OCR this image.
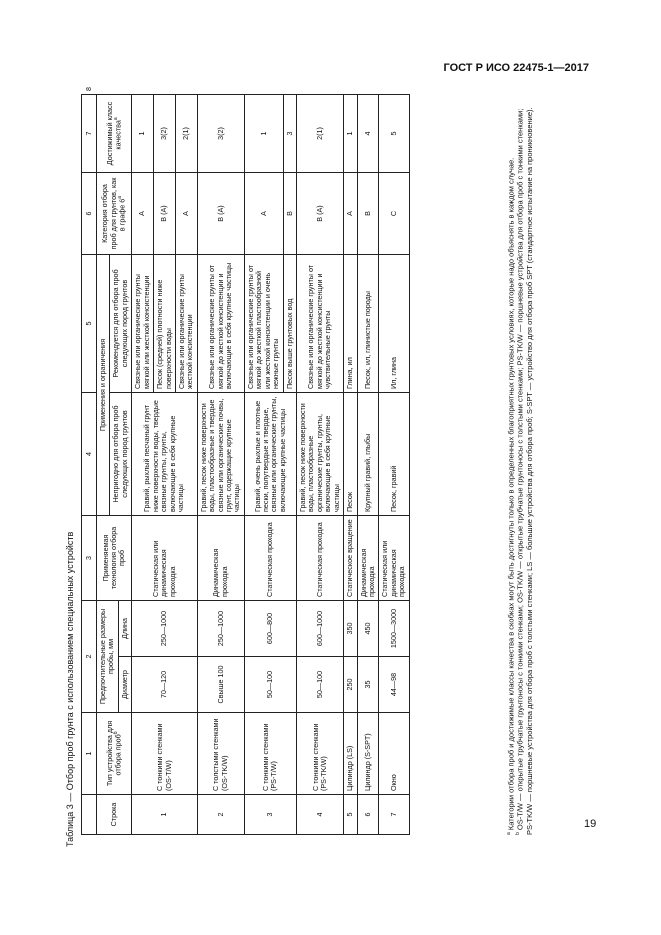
ГОСТ Р ИСО 22475-1—2017
Таблица 3 — Отбор проб грунта с использованием специальных устройств
	1	2		3	4	5	6	7	8
Строка	Тип устройства для отбора проб$^b$	Предпочтительные размеры пробы, мм		Применяемая технология отбора проб	Применения и ограничения		Категория отбора проб для грунтов, как в графе 6$^a$	Достижимый класс качества$^a$
					Непригодно для отбора проб следующих пород грунтов	Рекомендуется для отбора проб следующих пород грунтов			
		Диаметр	Длина						
1	С тонкими стенками (OS-T/W)	70—120	250—1000	Статическая или динамическая проходка	Гравий, рыхлый песчаный грунт ниже поверхности воды, твердые связные грунты, грунты, включающие в себя крупные частицы	Связные или органические грунты мягкой или жесткой консистенции	A	1	
						Песок (средней) плотности ниже поверхности воды	B (A)	3(2)	
						Связные или органические грунты жесткой консистенции	A	2(1)	
2	С толстыми стенками (OS-TK/W)	Свыше 100	250—1000	Динамическая проходка	Гравий, песок ниже поверхности воды, пластообразные и твердые связные или органические почвы, грунт, содержащие крупные частицы	Связные или органические грунты от мягкой до жесткой консистенции и включающие в себя крупные частицы	B (A)	3(2)	
3	С тонкими стенками (PS-T/W)	50—100	600—800	Статическая проходка	Гравий, очень рыхлые и плотные пески, полутвердые и твердые, связные или органические грунты, включающие крупные частицы	Связные или органические грунты от мягкой до жесткой пластообразной или жесткой консистенции и очень нежные грунты	A	1	
						Песок выше грунтовых вод	B	3	
4	С тонкими стенками (PS-TK/W)	50—100	600—1000	Статическая проходка	Гравий, песок ниже поверхности воды, пластообразные органические грунты, грунты, включающие в себя крупные частицы	Связные или органические грунты от мягкой до жесткой консистенции и чувствительные грунты	B (A)	2(1)	
5	Цилиндр (LS)	250	350	Статическое вращение	Песок	Глина, ил	A	1	
6	Цилиндр (S-SPT)	35	450	Динамическая проходка	Крупный гравий, глыбы	Песок, ил, глинистые породы	B	4	
7	Окно	44—98	1500—3000	Статическая или динамическая проходка	Песок, гравий	Ил, глина	C	5	

$^a$ Категории отбора проб и достижимые классы качества в скобках могут быть достигнуты только в определенных благоприятных грунтовых условиях, которые надо объяснять в каждом случае.

$^b$ OS-T/W — открытые трубчатые грунтоносы с тонкими стенками; OS-TK/W — открытые трубчатые грунтоносы с толстыми стенками; PS-TK/W — поршневые устройства для отбора проб с тонкими стенками; PS-TK/W — поршневые устройства для отбора проб с толстыми стенками; LS — большие устройства для отбора проб; S-SPT — устройство для отбора проб SPT (стандартное испытание на проникновение).	19
